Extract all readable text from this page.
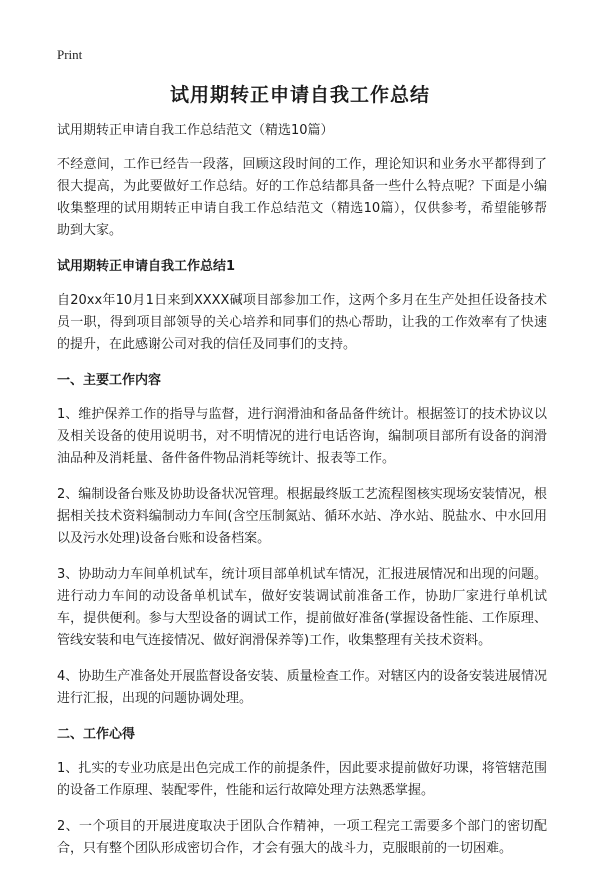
Print
试用期转正申请自我工作总结

试用期转正申请自我工作总结范文（精选10篇）

不经意间，工作已经告一段落，回顾这段时间的工作，理论知识和业务水平都得到了很大提高，为此要做好工作总结。好的工作总结都具备一些什么特点呢？下面是小编收集整理的试用期转正申请自我工作总结范文（精选10篇），仅供参考，希望能够帮助到大家。

试用期转正申请自我工作总结1

自20xx年10月1日来到XXXX碱项目部参加工作，这两个多月在生产处担任设备技术员一职，得到项目部领导的关心培养和同事们的热心帮助，让我的工作效率有了快速的提升，在此感谢公司对我的信任及同事们的支持。

一、主要工作内容

1、维护保养工作的指导与监督，进行润滑油和备品备件统计。根据签订的技术协议以及相关设备的使用说明书，对不明情况的进行电话咨询，编制项目部所有设备的润滑油品种及消耗量、备件备件物品消耗等统计、报表等工作。

2、编制设备台账及协助设备状况管理。根据最终版工艺流程图核实现场安装情况，根据相关技术资料编制动力车间(含空压制氮站、循环水站、净水站、脱盐水、中水回用以及污水处理)设备台账和设备档案。

3、协助动力车间单机试车，统计项目部单机试车情况，汇报进展情况和出现的问题。进行动力车间的动设备单机试车，做好安装调试前准备工作，协助厂家进行单机试车，提供便利。参与大型设备的调试工作，提前做好准备(掌握设备性能、工作原理、管线安装和电气连接情况、做好润滑保养等)工作，收集整理有关技术资料。

4、协助生产准备处开展监督设备安装、质量检查工作。对辖区内的设备安装进展情况进行汇报，出现的问题协调处理。

二、工作心得

1、扎实的专业功底是出色完成工作的前提条件，因此要求提前做好功课，将管辖范围的设备工作原理、装配零件，性能和运行故障处理方法熟悉掌握。

2、一个项目的开展进度取决于团队合作精神，一项工程完工需要多个部门的密切配合，只有整个团队形成密切合作，才会有强大的战斗力，克服眼前的一切困难。
